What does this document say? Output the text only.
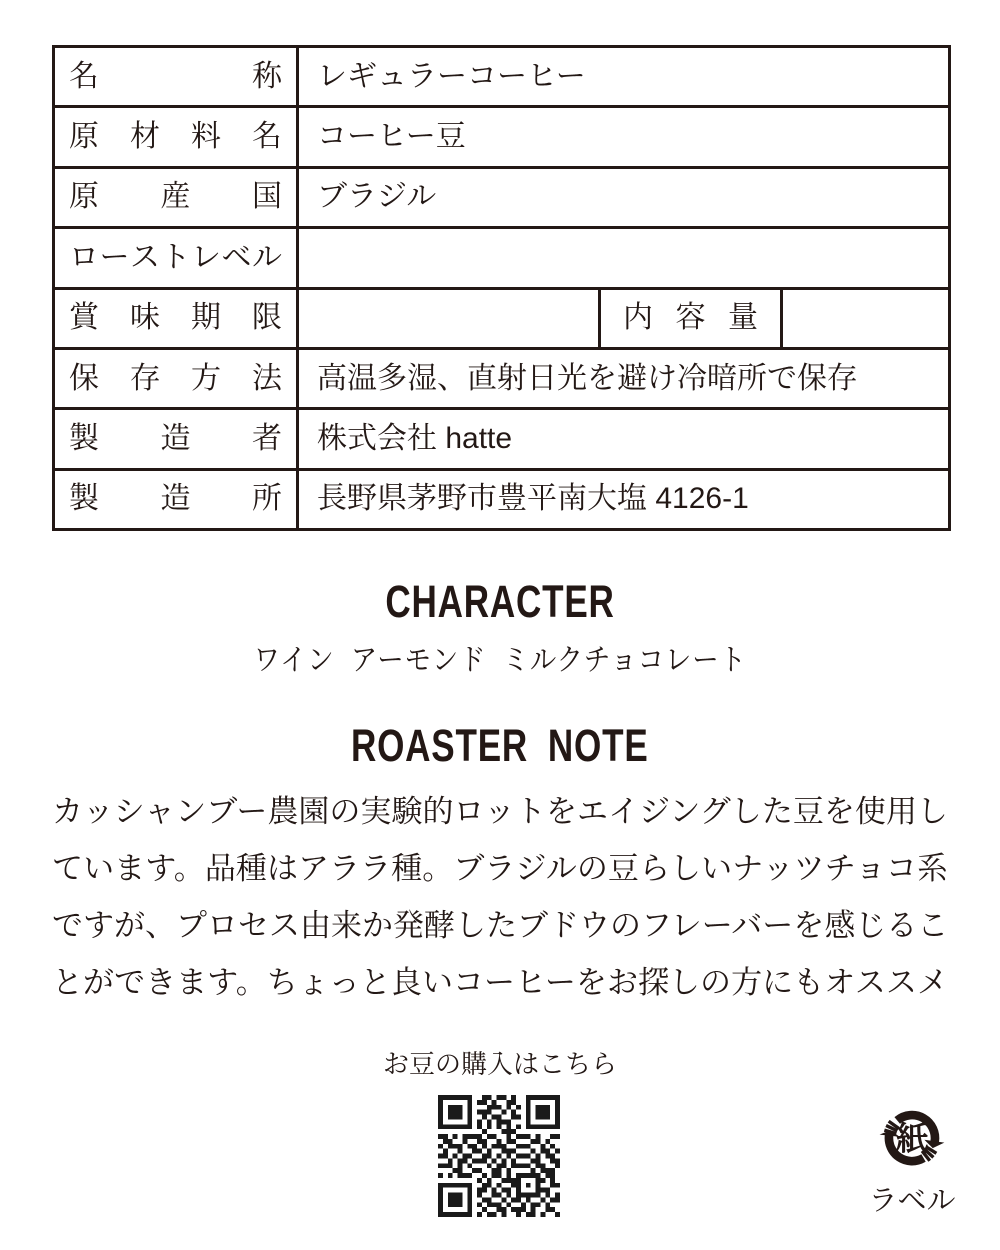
名 称	レギュラーコーヒー		

原 材 料 名	コーヒー豆		

原 産 国	ブラジル		

ロ ー ス ト レ ベ ル

賞 味 期 限		内 容 量	

保 存 方 法	高温多湿、直射日光を避け冷暗所で保存		

製 造 者	株式会社 hatte		

製 造 所	長野県茅野市豊平南大塩 4126-1		
CHARACTER
ワイン アーモンド ミルクチョコレート
ROASTER NOTE
カッシャンブー農園の実験的ロットをエイジングした豆を使用し
ています。品種はアララ種。ブラジルの豆らしいナッツチョコ系
ですが、プロセス由来か発酵したブドウのフレーバーを感じるこ
とができます。ちょっと良いコーヒーをお探しの方にもオススメ
お豆の購入はこちら
紙
ラベル
